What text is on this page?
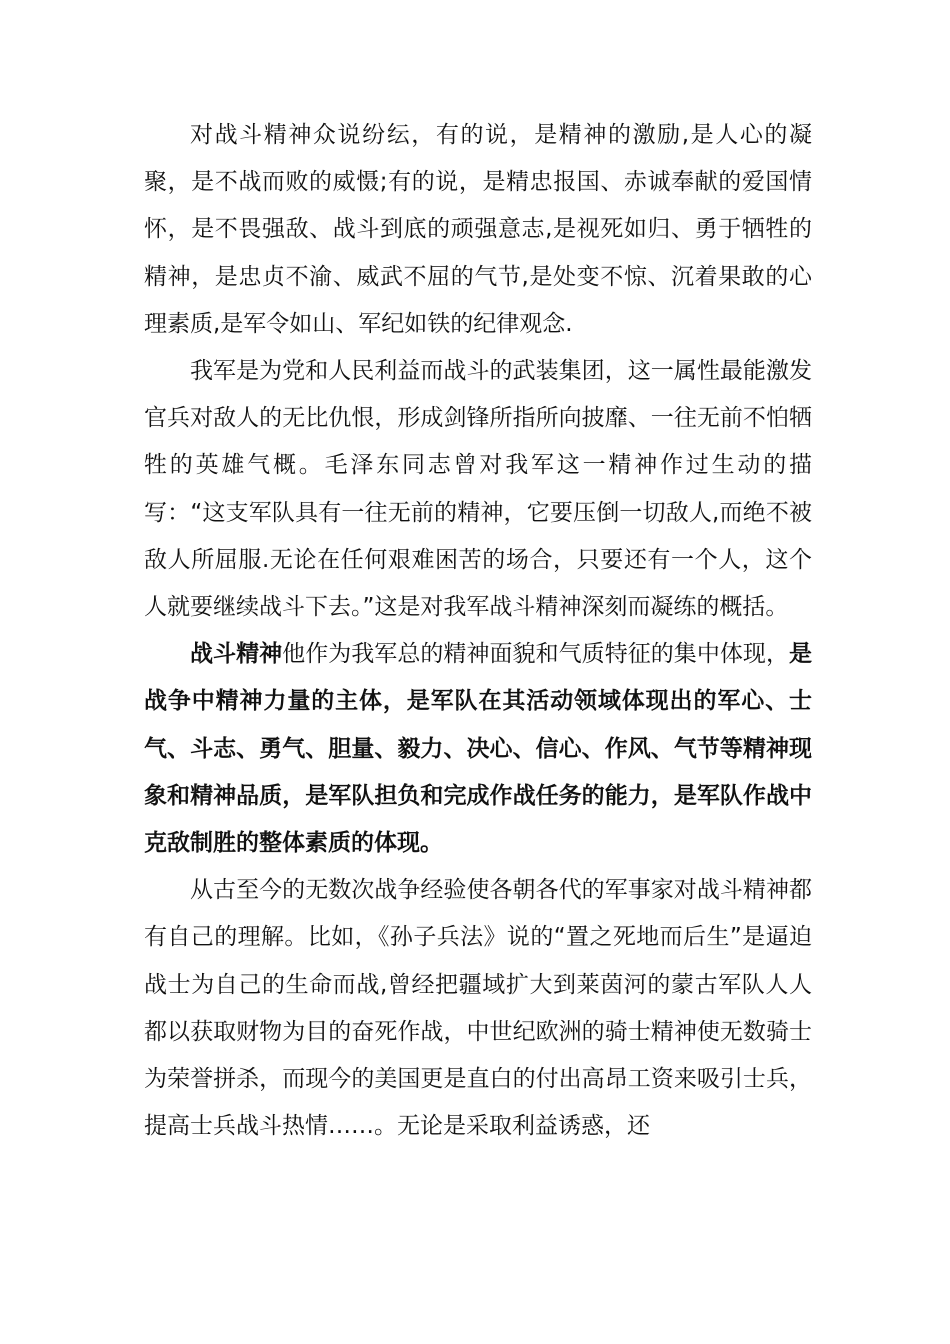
对战斗精神众说纷纭，有的说，是精神的激励,是人心的凝聚，是不战而败的威慑;有的说，是精忠报国、赤诚奉献的爱国情怀，是不畏强敌、战斗到底的顽强意志,是视死如归、勇于牺牲的精神，是忠贞不渝、威武不屈的气节,是处变不惊、沉着果敢的心理素质,是军令如山、军纪如铁的纪律观念.

我军是为党和人民利益而战斗的武装集团，这一属性最能激发官兵对敌人的无比仇恨，形成剑锋所指所向披靡、一往无前不怕牺牲的英雄气概。毛泽东同志曾对我军这一精神作过生动的描写：“这支军队具有一往无前的精神，它要压倒一切敌人,而绝不被敌人所屈服.无论在任何艰难困苦的场合，只要还有一个人，这个人就要继续战斗下去。”这是对我军战斗精神深刻而凝练的概括。

战斗精神他作为我军总的精神面貌和气质特征的集中体现，是战争中精神力量的主体，是军队在其活动领域体现出的军心、士气、斗志、勇气、胆量、毅力、决心、信心、作风、气节等精神现象和精神品质，是军队担负和完成作战任务的能力，是军队作战中克敌制胜的整体素质的体现。

从古至今的无数次战争经验使各朝各代的军事家对战斗精神都有自己的理解。比如，《孙子兵法》说的“置之死地而后生”是逼迫战士为自己的生命而战,曾经把疆域扩大到莱茵河的蒙古军队人人都以获取财物为目的奋死作战，中世纪欧洲的骑士精神使无数骑士为荣誉拼杀，而现今的美国更是直白的付出高昂工资来吸引士兵，提高士兵战斗热情……。无论是采取利益诱惑，还
